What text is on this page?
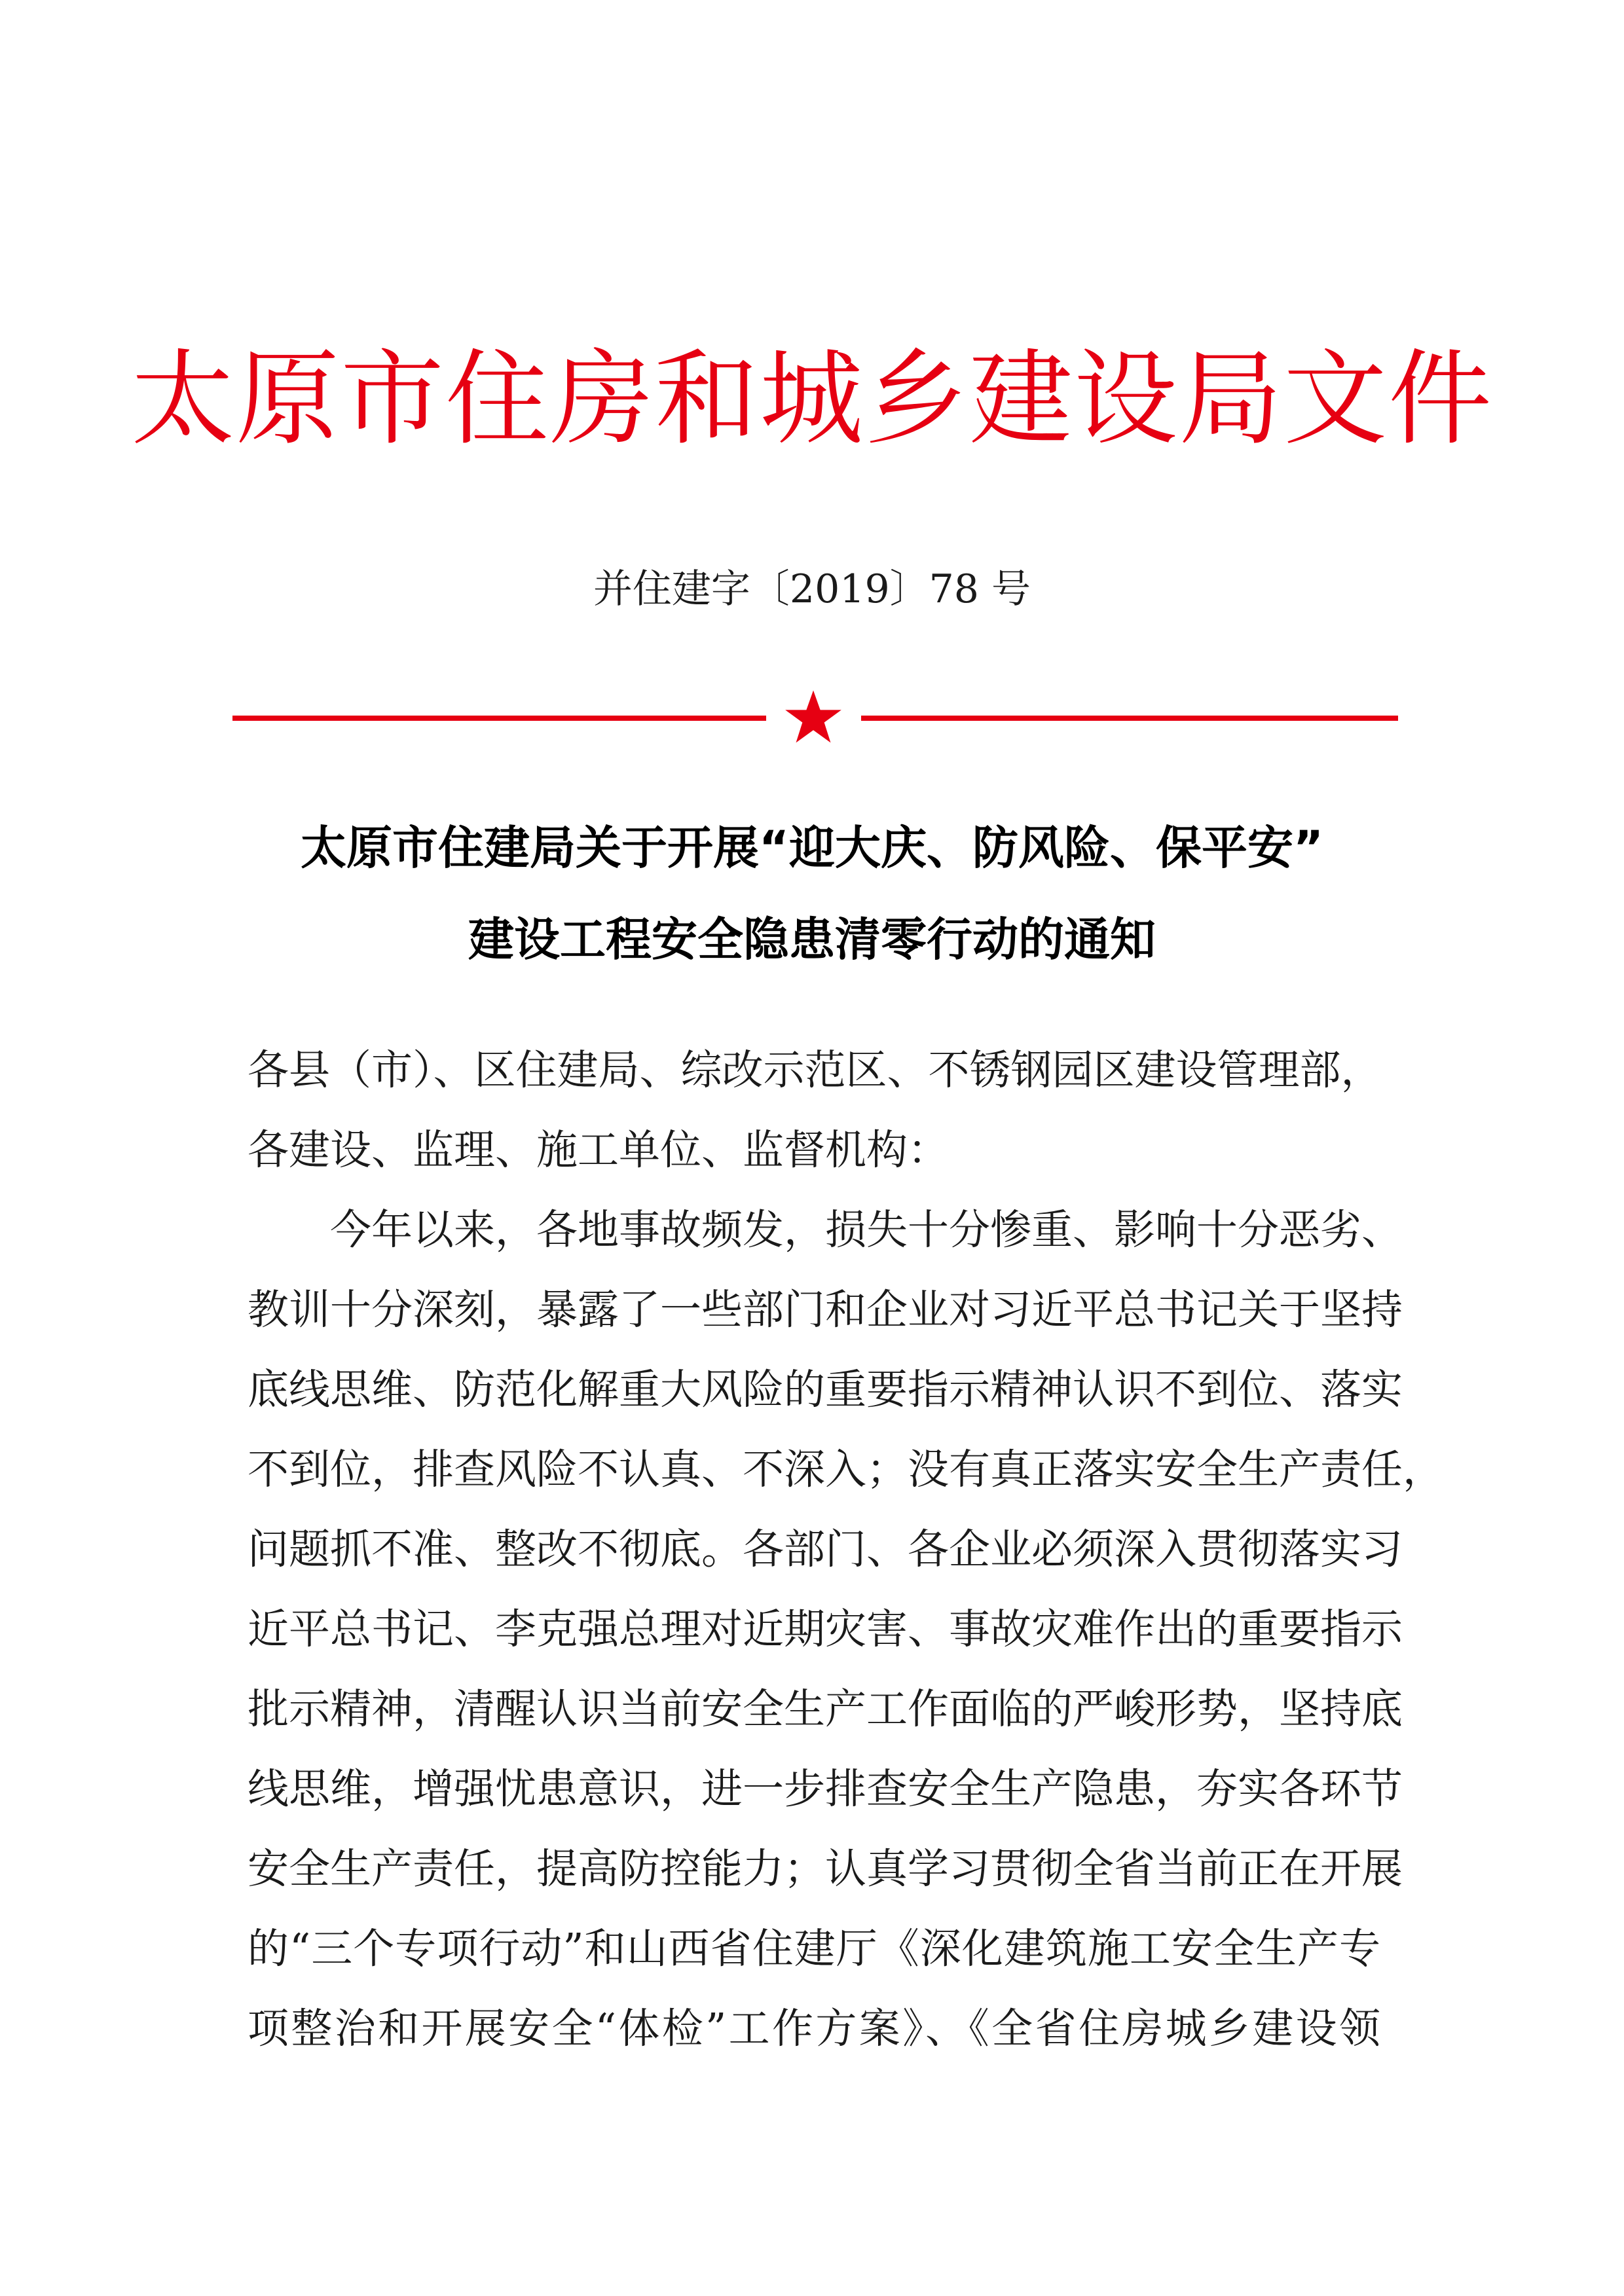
太原市住房和城乡建设局文件
并住建字〔2019〕78 号
太原市住建局关于开展“迎大庆、防风险、保平安”
建设工程安全隐患清零行动的通知
各县（市）、区住建局、综改示范区、不锈钢园区建设管理部，
各建设、监理、施工单位、监督机构：
　　今年以来，各地事故频发，损失十分惨重、影响十分恶劣、
教训十分深刻，暴露了一些部门和企业对习近平总书记关于坚持
底线思维、防范化解重大风险的重要指示精神认识不到位、落实
不到位，排查风险不认真、不深入；没有真正落实安全生产责任，
问题抓不准、整改不彻底。各部门、各企业必须深入贯彻落实习
近平总书记、李克强总理对近期灾害、事故灾难作出的重要指示
批示精神，清醒认识当前安全生产工作面临的严峻形势，坚持底
线思维，增强忧患意识，进一步排查安全生产隐患，夯实各环节
安全生产责任，提高防控能力；认真学习贯彻全省当前正在开展
的“三个专项行动”和山西省住建厅《深化建筑施工安全生产专
项整治和开展安全“体检”工作方案》、《全省住房城乡建设领
